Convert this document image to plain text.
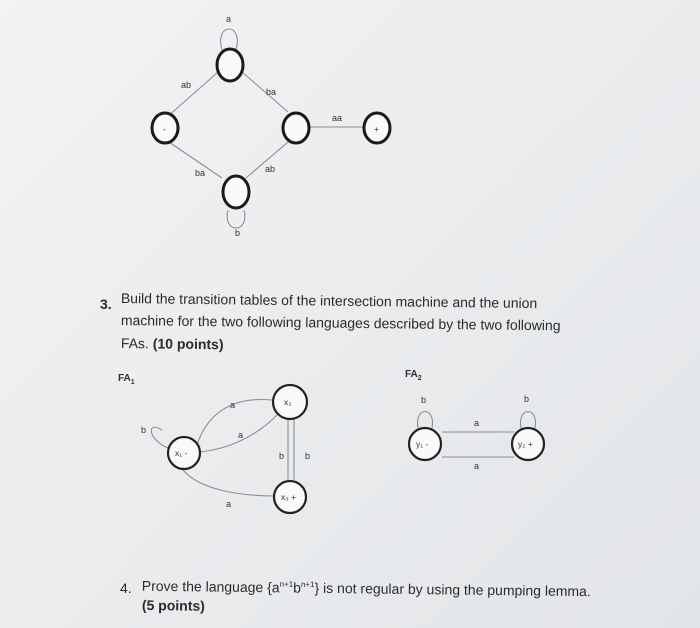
-	+
a
ab
ba
aa
ba	ab
b
x₁ -
x₂
x₃ +
b
a
a
a
b b
y₁ -	y₂ +
b	b
a
a
3. Build the transition tables of the intersection machine and the union
machine for the two following languages described by the two following
FAs. (10 points)
$FA_1$
$FA_2$
4. Prove the language $\{a^{n+1}b^{n+1}\}$ is not regular by using the pumping lemma.
(5 points)
